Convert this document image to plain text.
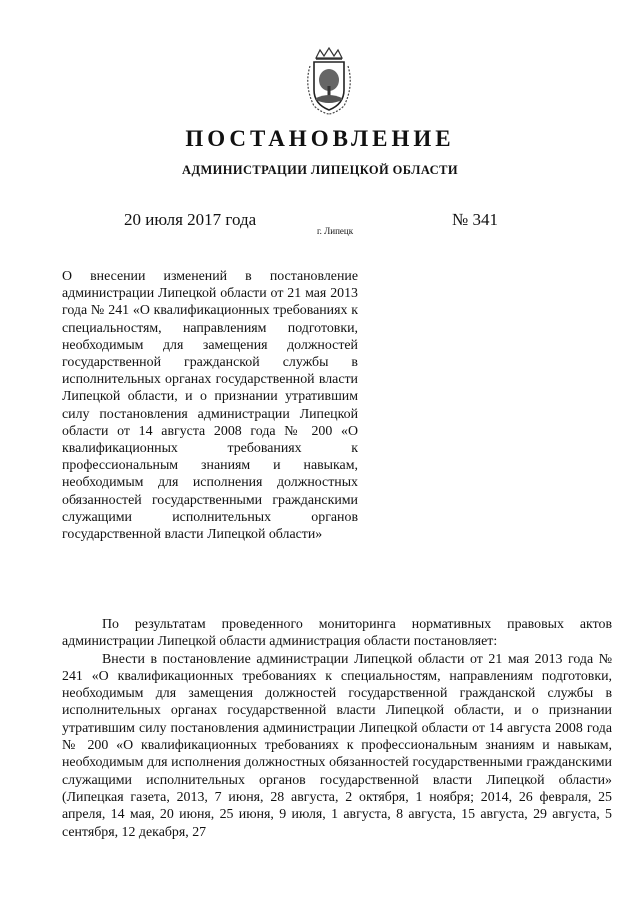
ПОСТАНОВЛЕНИЕ
АДМИНИСТРАЦИИ ЛИПЕЦКОЙ ОБЛАСТИ
20 июля 2017 года
г. Липецк
№ 341

О внесении изменений в постановление администрации Липецкой области от 21 мая 2013 года № 241 «О квалификационных требованиях к специальностям, направлениям подготовки, необходимым для замещения должностей государственной гражданской службы в исполнительных органах государственной власти Липецкой области, и о признании утратившим силу постановления администрации Липецкой области от 14 августа 2008 года № 200 «О квалификационных требованиях к профессиональным знаниям и навыкам, необходимым для исполнения должностных обязанностей государственными гражданскими служащими исполнительных органов государственной власти Липецкой области»

По результатам проведенного мониторинга нормативных правовых актов администрации Липецкой области администрация области постановляет:

Внести в постановление администрации Липецкой области от 21 мая 2013 года № 241 «О квалификационных требованиях к специальностям, направлениям подготовки, необходимым для замещения должностей государственной гражданской службы в исполнительных органах государственной власти Липецкой области, и о признании утратившим силу постановления администрации Липецкой области от 14 августа 2008 года № 200 «О квалификационных требованиях к профессиональным знаниям и навыкам, необходимым для исполнения должностных обязанностей государственными гражданскими служащими исполнительных органов государственной власти Липецкой области» (Липецкая газета, 2013, 7 июня, 28 августа, 2 октября, 1 ноября; 2014, 26 февраля, 25 апреля, 14 мая, 20 июня, 25 июня, 9 июля, 1 августа, 8 августа, 15 августа, 29 августа, 5 сентября, 12 декабря, 27
